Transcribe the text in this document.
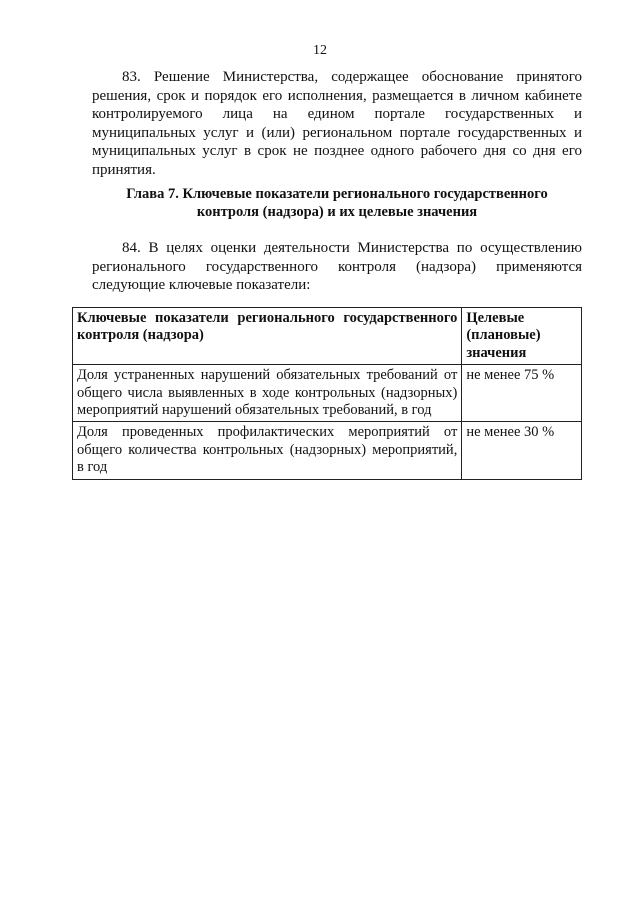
12

83. Решение Министерства, содержащее обоснование принятого решения, срок и порядок его исполнения, размещается в личном кабинете контролируемого лица на едином портале государственных и муниципальных услуг и (или) региональном портале государственных и муниципальных услуг в срок не позднее одного рабочего дня со дня его принятия.

Глава 7. Ключевые показатели регионального государственного
контроля (надзора) и их целевые значения

84. В целях оценки деятельности Министерства по осуществлению регионального государственного контроля (надзора) применяются следующие ключевые показатели:

Ключевые показатели регионального государственного контроля (надзора)	Целевые (плановые) значения
Доля устраненных нарушений обязательных требований от общего числа выявленных в ходе контрольных (надзорных) мероприятий нарушений обязательных требований, в год	не менее 75 %
Доля проведенных профилактических мероприятий от общего количества контрольных (надзорных) мероприятий, в год	не менее 30 %
